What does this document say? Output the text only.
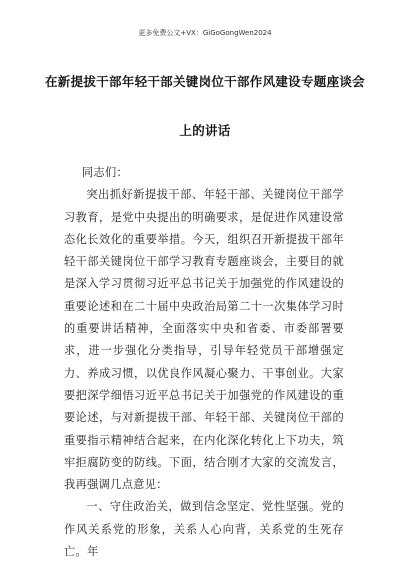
更多免费公文+VX：GiGoGongWen2024
在新提拔干部年轻干部关键岗位干部作风建设专题座谈会
上的讲话

同志们：

突出抓好新提拔干部、年轻干部、关键岗位干部学习教育，是党中央提出的明确要求，是促进作风建设常态化长效化的重要举措。今天，组织召开新提拔干部年轻干部关键岗位干部学习教育专题座谈会，主要目的就是深入学习贯彻习近平总书记关于加强党的作风建设的重要论述和在二十届中央政治局第二十一次集体学习时的重要讲话精神，全面落实中央和省委、市委部署要求，进一步强化分类指导，引导年轻党员干部增强定力、养成习惯，以优良作风凝心聚力、干事创业。大家要把深学细悟习近平总书记关于加强党的作风建设的重要论述，与对新提拔干部、年轻干部、关键岗位干部的重要指示精神结合起来，在内化深化转化上下功夫，筑牢拒腐防变的防线。下面，结合刚才大家的交流发言，我再强调几点意见：

一、守住政治关，做到信念坚定、党性坚强。党的作风关系党的形象，关系人心向背，关系党的生死存亡。年
